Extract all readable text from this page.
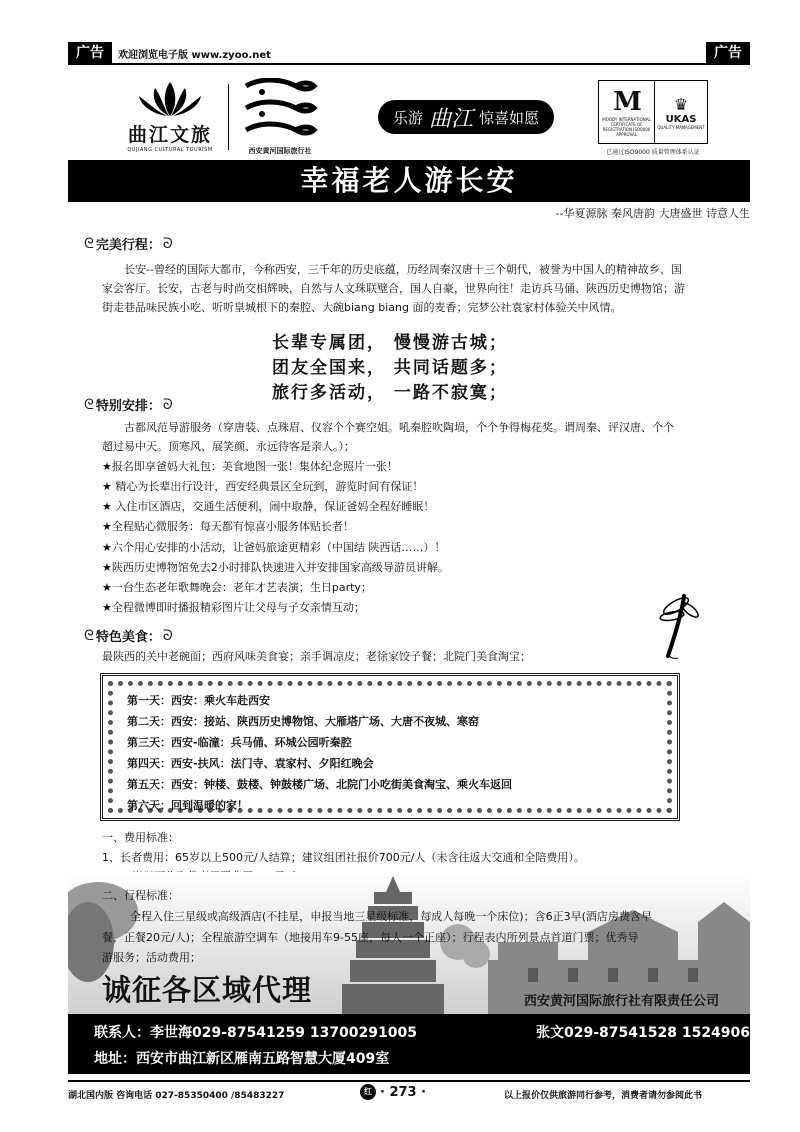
广告	欢迎浏览电子版 www.zyoo.net	广告
曲江文旅
QUJIANG CULTURAL TOURISM	西安黄河国际旅行社
乐游 曲江 惊喜如愿
M
MOODY INTERNATIONAL CERTIFICATE OF REGISTRATION ISO9000 APPROVAL
♛
UKAS
QUALITY MANAGEMENT
已通过ISO9000 质量管理体系认证
幸福老人游长安
--华夏源脉 秦风唐韵 大唐盛世 诗意人生
ᘓ 完美行程： ᘐ
长安--曾经的国际大都市，今称西安，三千年的历史底蕴，历经周秦汉唐十三个朝代，被誉为中国人的精神故乡、国
家会客厅。长安，古老与时尚交相辉映，自然与人文珠联璧合，国人自豪，世界向往！走访兵马俑、陕西历史博物馆；游
街走巷品味民族小吃、听听皇城根下的秦腔、大碗biang biang 面的麦香；完梦公社袁家村体验关中风情。
长辈专属团， 慢慢游古城；
团友全国来， 共同话题多；
旅行多活动， 一路不寂寞；
ᘓ 特别安排： ᘐ
古都风范导游服务（穿唐装、点珠眉、仪容个个赛空姐。吼秦腔吹陶埙，个个争得梅花奖。谓周秦、评汉唐、个个
超过易中天。顶寒风、展笑颜、永远待客是亲人。）；
★报名即享爸妈大礼包：美食地图一张！集体纪念照片一张！
★ 精心为长辈出行设计，西安经典景区全玩到，游览时间有保证！
★ 入住市区酒店，交通生活便利，闹中取静，保证爸妈全程好睡眠！
★全程贴心微服务：每天都有惊喜小服务体贴长者！
★六个用心安排的小活动，让爸妈旅途更精彩（中国结 陕西话……）！
★陕西历史博物馆免去2小时排队快速进入并安排国家高级导游员讲解。
★一台生态老年歌舞晚会：老年才艺表演；生日party；
★全程微博即时播报精彩图片让父母与子女亲情互动；
ᘓ 特色美食： ᘐ
最陕西的关中老碗面；西府风味美食宴；亲手调凉皮；老徐家饺子餐；北院门美食淘宝；
第一天：西安：乘火车赴西安
第二天：西安：接站、陕西历史博物馆、大雁塔广场、大唐不夜城、寒窑
第三天：西安-临潼：兵马俑、环城公园听秦腔
第四天：西安-扶风：法门寺、袁家村、夕阳红晚会
第五天：西安：钟楼、鼓楼、钟鼓楼广场、北院门小吃街美食淘宝、乘火车返回
第六天：回到温暖的家！
一、费用标准：
1、长者费用：65岁以上500元/人结算；建议组团社报价700元/人（未含往返大交通和全陪费用）。
二、行程标准：
全程入住三星级或高级酒店(不挂星，申报当地三星级标准，每成人每晚一个床位)；含6正3早(酒店房费含早
餐，正餐20元/人)；全程旅游空调车（地接用车9-55座，每人一个正座）；行程表内所列景点首道门票；优秀导
游服务；活动费用；
诚征各区域代理	西安黄河国际旅行社有限责任公司
联系人：李世海029-87541259 13700291005	张文029-87541528 15249062679
地址：西安市曲江新区雁南五路智慧大厦409室
湖北国内版 咨询电话 027-85350400 /85483227	红 · 273 ·	以上报价仅供旅游同行参考，消费者请勿参阅此书
